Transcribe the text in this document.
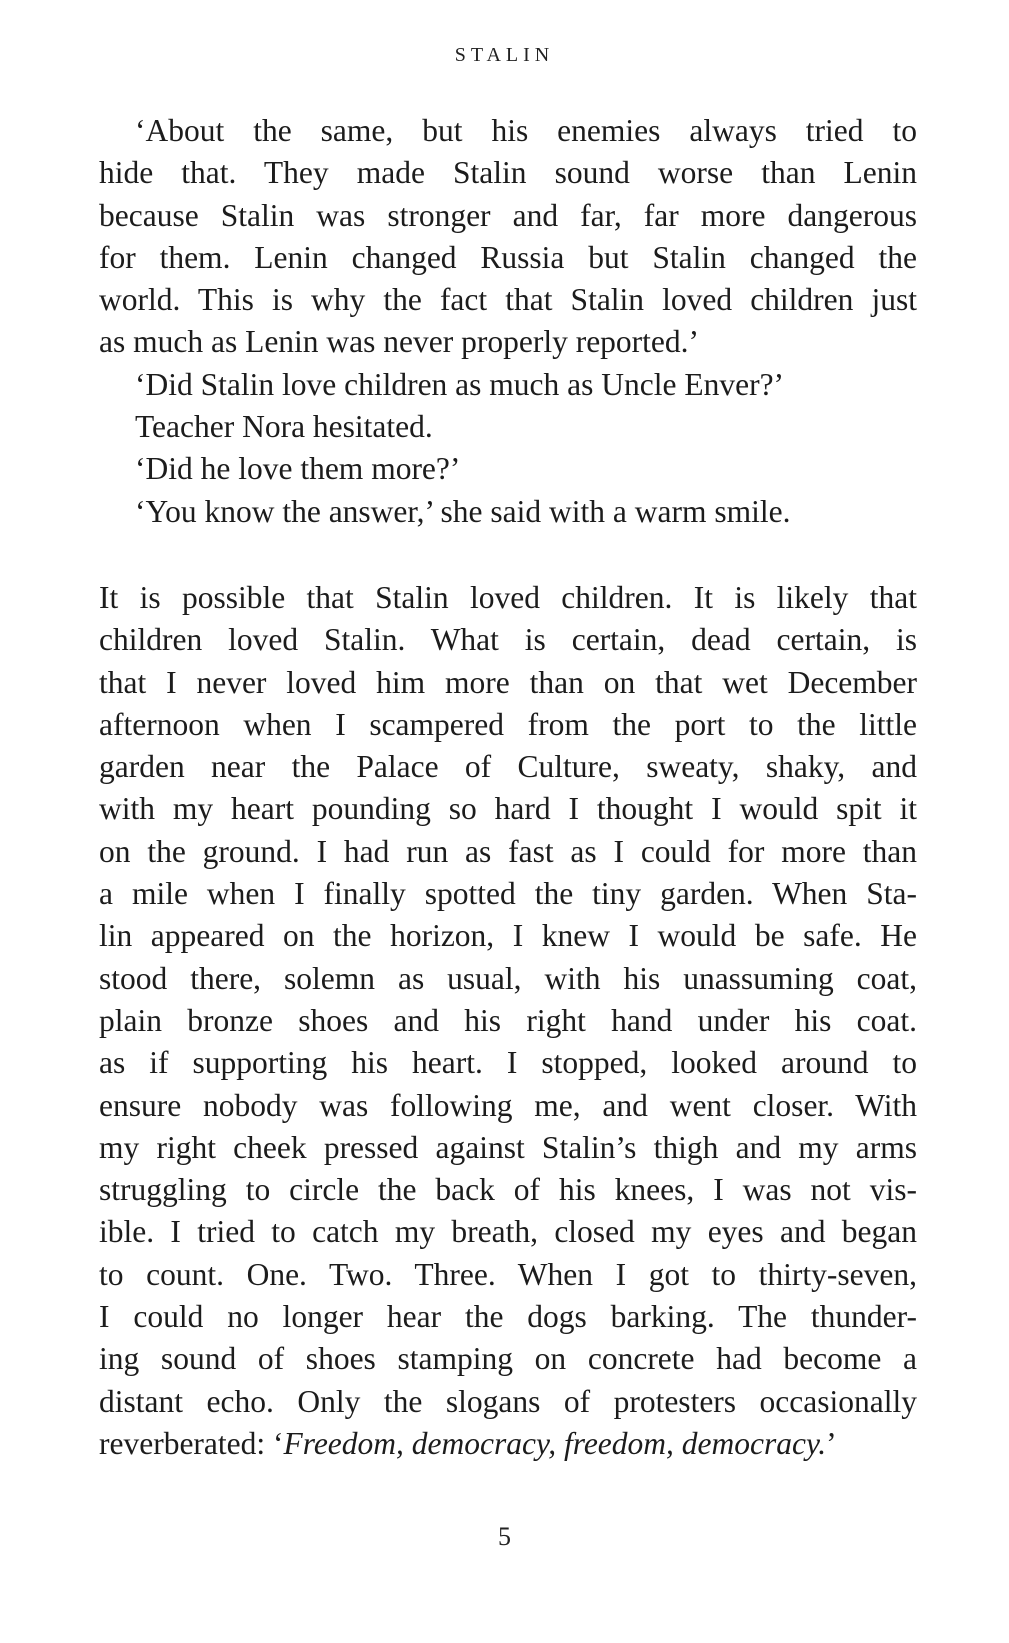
STALIN
‘About the same, but his enemies always tried to
hide that. They made Stalin sound worse than Lenin
because Stalin was stronger and far, far more dangerous
for them. Lenin changed Russia but Stalin changed the
world. This is why the fact that Stalin loved children just
as much as Lenin was never properly reported.’
‘Did Stalin love children as much as Uncle Enver?’
Teacher Nora hesitated.
‘Did he love them more?’
‘You know the answer,’ she said with a warm smile.
It is possible that Stalin loved children. It is likely that
children loved Stalin. What is certain, dead certain, is
that I never loved him more than on that wet December
afternoon when I scampered from the port to the little
garden near the Palace of Culture, sweaty, shaky, and
with my heart pounding so hard I thought I would spit it
on the ground. I had run as fast as I could for more than
a mile when I finally spotted the tiny garden. When Sta-
lin appeared on the horizon, I knew I would be safe. He
stood there, solemn as usual, with his unassuming coat,
plain bronze shoes and his right hand under his coat.
as if supporting his heart. I stopped, looked around to
ensure nobody was following me, and went closer. With
my right cheek pressed against Stalin’s thigh and my arms
struggling to circle the back of his knees, I was not vis-
ible. I tried to catch my breath, closed my eyes and began
to count. One. Two. Three. When I got to thirty-seven,
I could no longer hear the dogs barking. The thunder-
ing sound of shoes stamping on concrete had become a
distant echo. Only the slogans of protesters occasionally
reverberated: ‘Freedom, democracy, freedom, democracy.’
5
